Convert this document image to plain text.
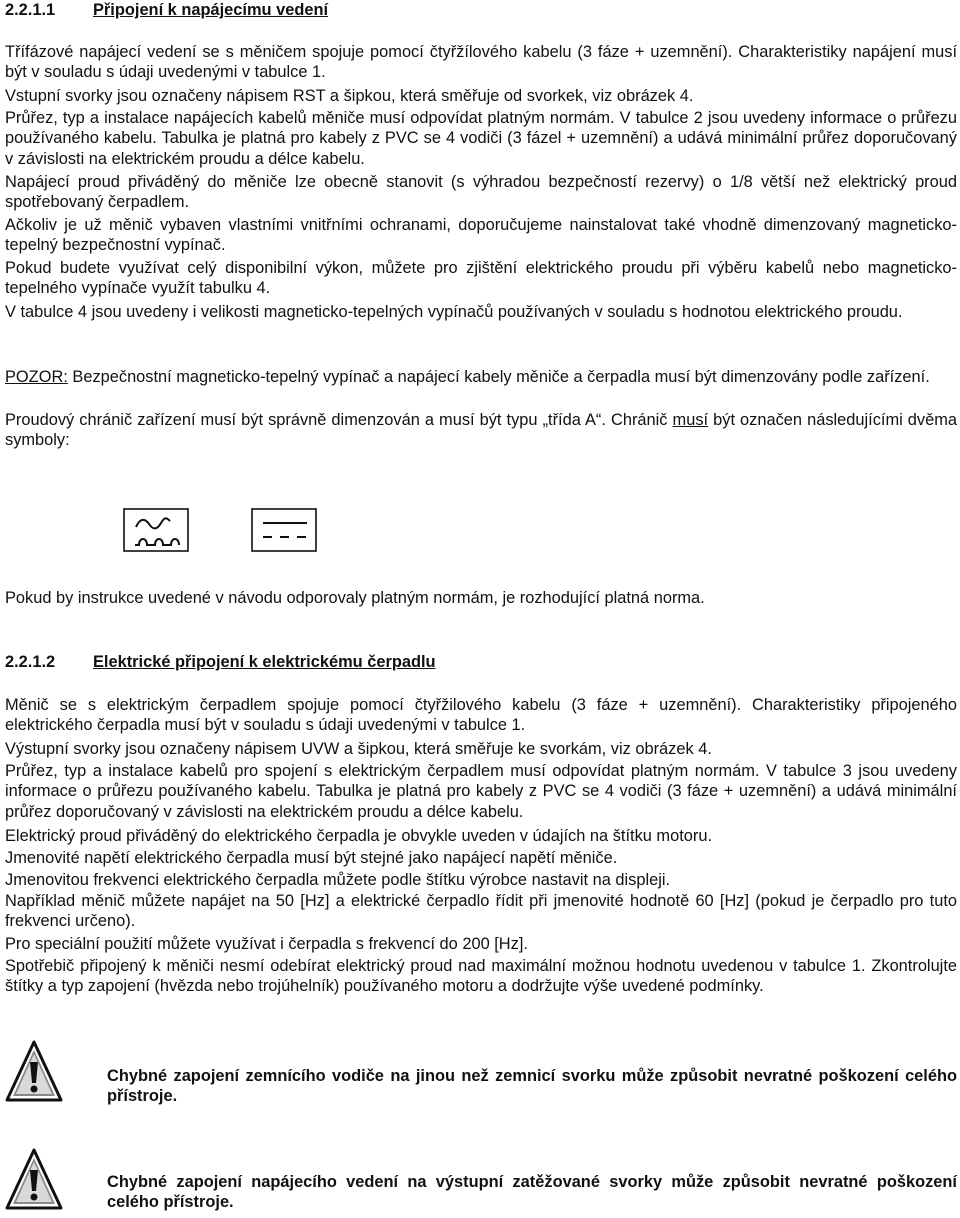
2.2.1.1 Připojení k napájecímu vedení

Třífázové napájecí vedení se s měničem spojuje pomocí čtyřžílového kabelu (3 fáze + uzemnění). Charakteristiky napájení musí být v souladu s údaji uvedenými v tabulce 1.

Vstupní svorky jsou označeny nápisem RST a šipkou, která směřuje od svorkek, viz obrázek 4.

Průřez, typ a instalace napájecích kabelů měniče musí odpovídat platným normám. V tabulce 2 jsou uvedeny informace o průřezu používaného kabelu. Tabulka je platná pro kabely z PVC se 4 vodiči (3 fázel + uzemnění) a udává minimální průřez doporučovaný v závislosti na elektrickém proudu a délce kabelu.

Napájecí proud přiváděný do měniče lze obecně stanovit (s výhradou bezpečností rezervy) o 1/8 větší než elektrický proud spotřebovaný čerpadlem.

Ačkoliv je už měnič vybaven vlastními vnitřními ochranami, doporučujeme nainstalovat také vhodně dimenzovaný magneticko-tepelný bezpečnostní vypínač.

Pokud budete využívat celý disponibilní výkon, můžete pro zjištění elektrického proudu při výběru kabelů nebo magneticko-tepelného vypínače využít tabulku 4.

V tabulce 4 jsou uvedeny i velikosti magneticko-tepelných vypínačů používaných v souladu s hodnotou elektrického proudu.

POZOR: Bezpečnostní magneticko-tepelný vypínač a napájecí kabely měniče a čerpadla musí být dimenzovány podle zařízení.

Proudový chránič zařízení musí být správně dimenzován a musí být typu „třída A“. Chránič musí být označen následujícími dvěma symboly:

Pokud by instrukce uvedené v návodu odporovaly platným normám, je rozhodující platná norma.

2.2.1.2 Elektrické připojení k elektrickému čerpadlu

Měnič se s elektrickým čerpadlem spojuje pomocí čtyřžilového kabelu (3 fáze + uzemnění). Charakteristiky připojeného elektrického čerpadla musí být v souladu s údaji uvedenými v tabulce 1.

Výstupní svorky jsou označeny nápisem UVW a šipkou, která směřuje ke svorkám, viz obrázek 4.

Průřez, typ a instalace kabelů pro spojení s elektrickým čerpadlem musí odpovídat platným normám. V tabulce 3 jsou uvedeny informace o průřezu používaného kabelu. Tabulka je platná pro kabely z PVC se 4 vodiči (3 fáze + uzemnění) a udává minimální průřez doporučovaný v závislosti na elektrickém proudu a délce kabelu.

Elektrický proud přiváděný do elektrického čerpadla je obvykle uveden v údajích na štítku motoru.

Jmenovité napětí elektrického čerpadla musí být stejné jako napájecí napětí měniče.

Jmenovitou frekvenci elektrického čerpadla můžete podle štítku výrobce nastavit na displeji.

Například měnič můžete napájet na 50 [Hz] a elektrické čerpadlo řídit při jmenovité hodnotě 60 [Hz] (pokud je čerpadlo pro tuto frekvenci určeno).

Pro speciální použití můžete využívat i čerpadla s frekvencí do 200 [Hz].

Spotřebič připojený k měniči nesmí odebírat elektrický proud nad maximální možnou hodnotu uvedenou v tabulce 1. Zkontrolujte štítky a typ zapojení (hvězda nebo trojúhelník) používaného motoru a dodržujte výše uvedené podmínky.

Chybné zapojení zemnícího vodiče na jinou než zemnicí svorku může způsobit nevratné poškození celého přístroje.
Chybné zapojení napájecího vedení na výstupní zatěžované svorky může způsobit nevratné poškození celého přístroje.
